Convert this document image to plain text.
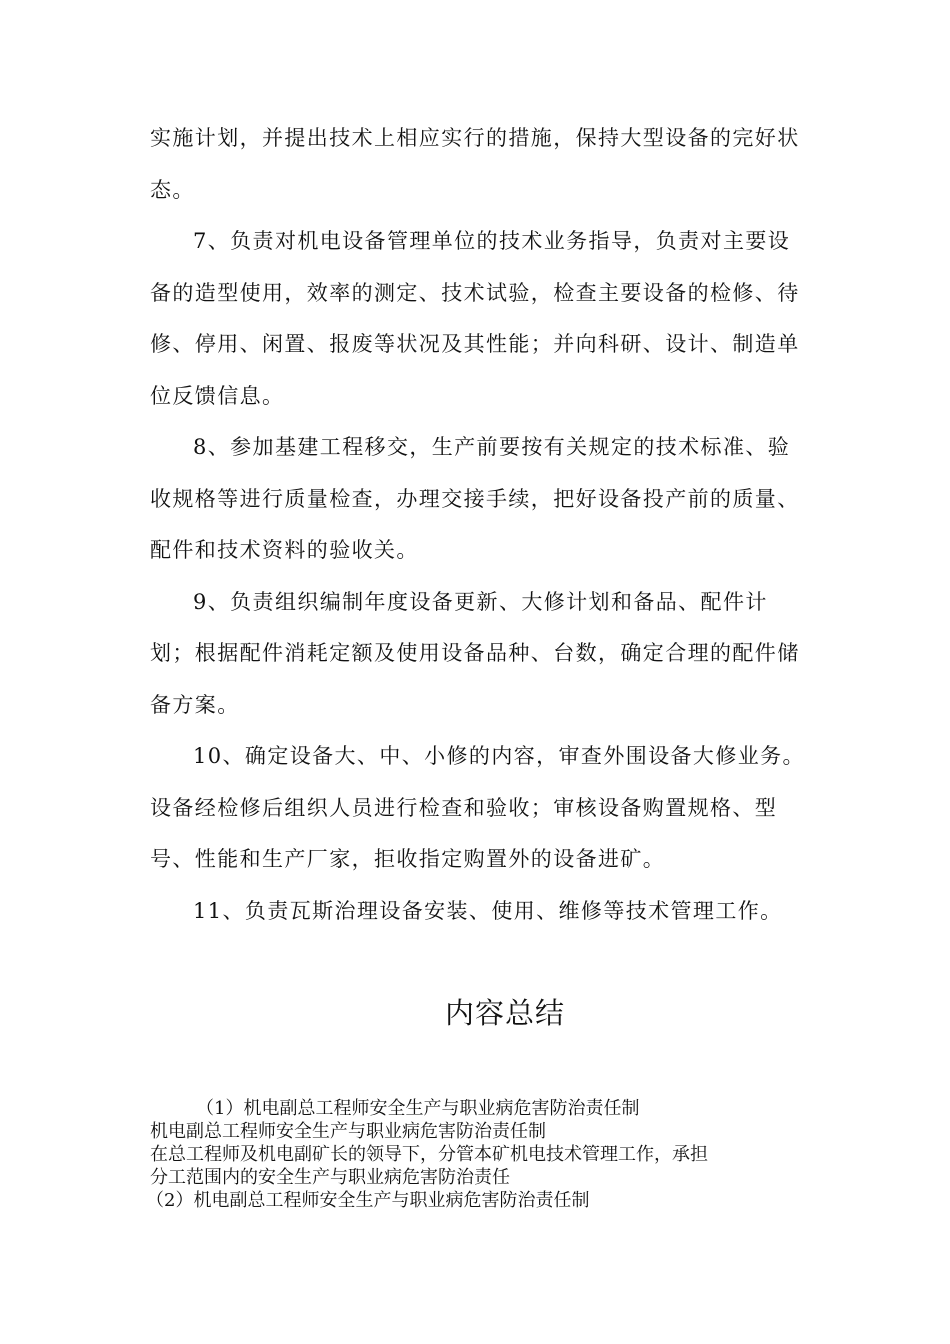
实施计划，并提出技术上相应实行的措施，保持大型设备的完好状
态。
7、负责对机电设备管理单位的技术业务指导，负责对主要设
备的造型使用，效率的测定、技术试验，检查主要设备的检修、待
修、停用、闲置、报废等状况及其性能；并向科研、设计、制造单
位反馈信息。
8、参加基建工程移交，生产前要按有关规定的技术标准、验
收规格等进行质量检查，办理交接手续，把好设备投产前的质量、
配件和技术资料的验收关。
9、负责组织编制年度设备更新、大修计划和备品、配件计
划；根据配件消耗定额及使用设备品种、台数，确定合理的配件储
备方案。
10、确定设备大、中、小修的内容，审查外围设备大修业务。
设备经检修后组织人员进行检查和验收；审核设备购置规格、型
号、性能和生产厂家，拒收指定购置外的设备进矿。
11、负责瓦斯治理设备安装、使用、维修等技术管理工作。
内容总结
（1）机电副总工程师安全生产与职业病危害防治责任制
机电副总工程师安全生产与职业病危害防治责任制
在总工程师及机电副矿长的领导下，分管本矿机电技术管理工作，承担
分工范围内的安全生产与职业病危害防治责任
（2）机电副总工程师安全生产与职业病危害防治责任制
